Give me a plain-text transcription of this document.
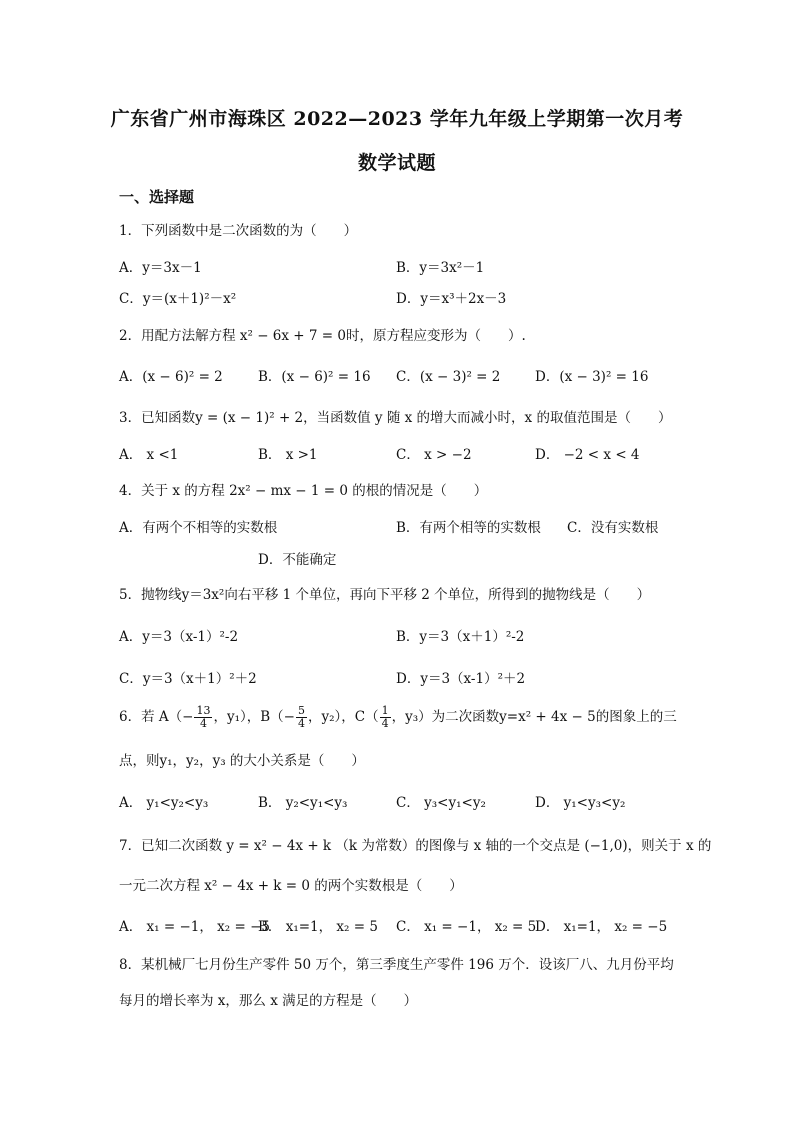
广东省广州市海珠区 2022—2023 学年九年级上学期第一次月考
数学试题
一、选择题
1．下列函数中是二次函数的为（　　）
A．y＝3x－1	B．y＝3x²－1
C．y＝(x＋1)²－x²	D．y＝x³＋2x－3
2．用配方法解方程 x² − 6x + 7 = 0时，原方程应变形为（　　）.
A．(x − 6)² = 2	B．(x − 6)² = 16 C．(x − 3)² = 2	D．(x − 3)² = 16
3．已知函数y = (x − 1)² + 2，当函数值 y 随 x 的增大而减小时，x 的取值范围是（　　）
A． x <1	B． x >1	C． x > −2	D． −2 < x < 4
4．关于 x 的方程 2x² − mx − 1 = 0 的根的情况是（　　）
A．有两个不相等的实数根	B．有两个相等的实数根 C．没有实数根
D．不能确定
5．抛物线y＝3x²向右平移 1 个单位，再向下平移 2 个单位，所得到的抛物线是（　　）
A．y＝3（x-1）²-2	B．y＝3（x＋1）²-2
C．y＝3（x＋1）²＋2	D．y＝3（x-1）²＋2
6．若 $A(- \frac{13}{4}$ ，y₁），$B(- \frac{5}{4}$ ，y₂），$C( \frac{1}{4}$ ，y₃）为二次函数y=x² + 4x − 5的图象上的三
点，则y₁，y₂，y₃ 的大小关系是（　　）
A． y₁<y₂<y₃	B． y₂<y₁<y₃	C． y₃<y₁<y₂	D． y₁<y₃<y₂
7．已知二次函数 y = x² − 4x + k （k 为常数）的图像与 x 轴的一个交点是 (−1,0)，则关于 x 的
一元二次方程 x² − 4x + k = 0 的两个实数根是（　　）
A． x₁ = −1， x₂ = −5
B． x₁=1， x₂ = 5 C． x₁ = −1， x₂ = 5
D． x₁=1， x₂ = −5
8．某机械厂七月份生产零件 50 万个，第三季度生产零件 196 万个．设该厂八、九月份平均
每月的增长率为 x，那么 x 满足的方程是（　　）
